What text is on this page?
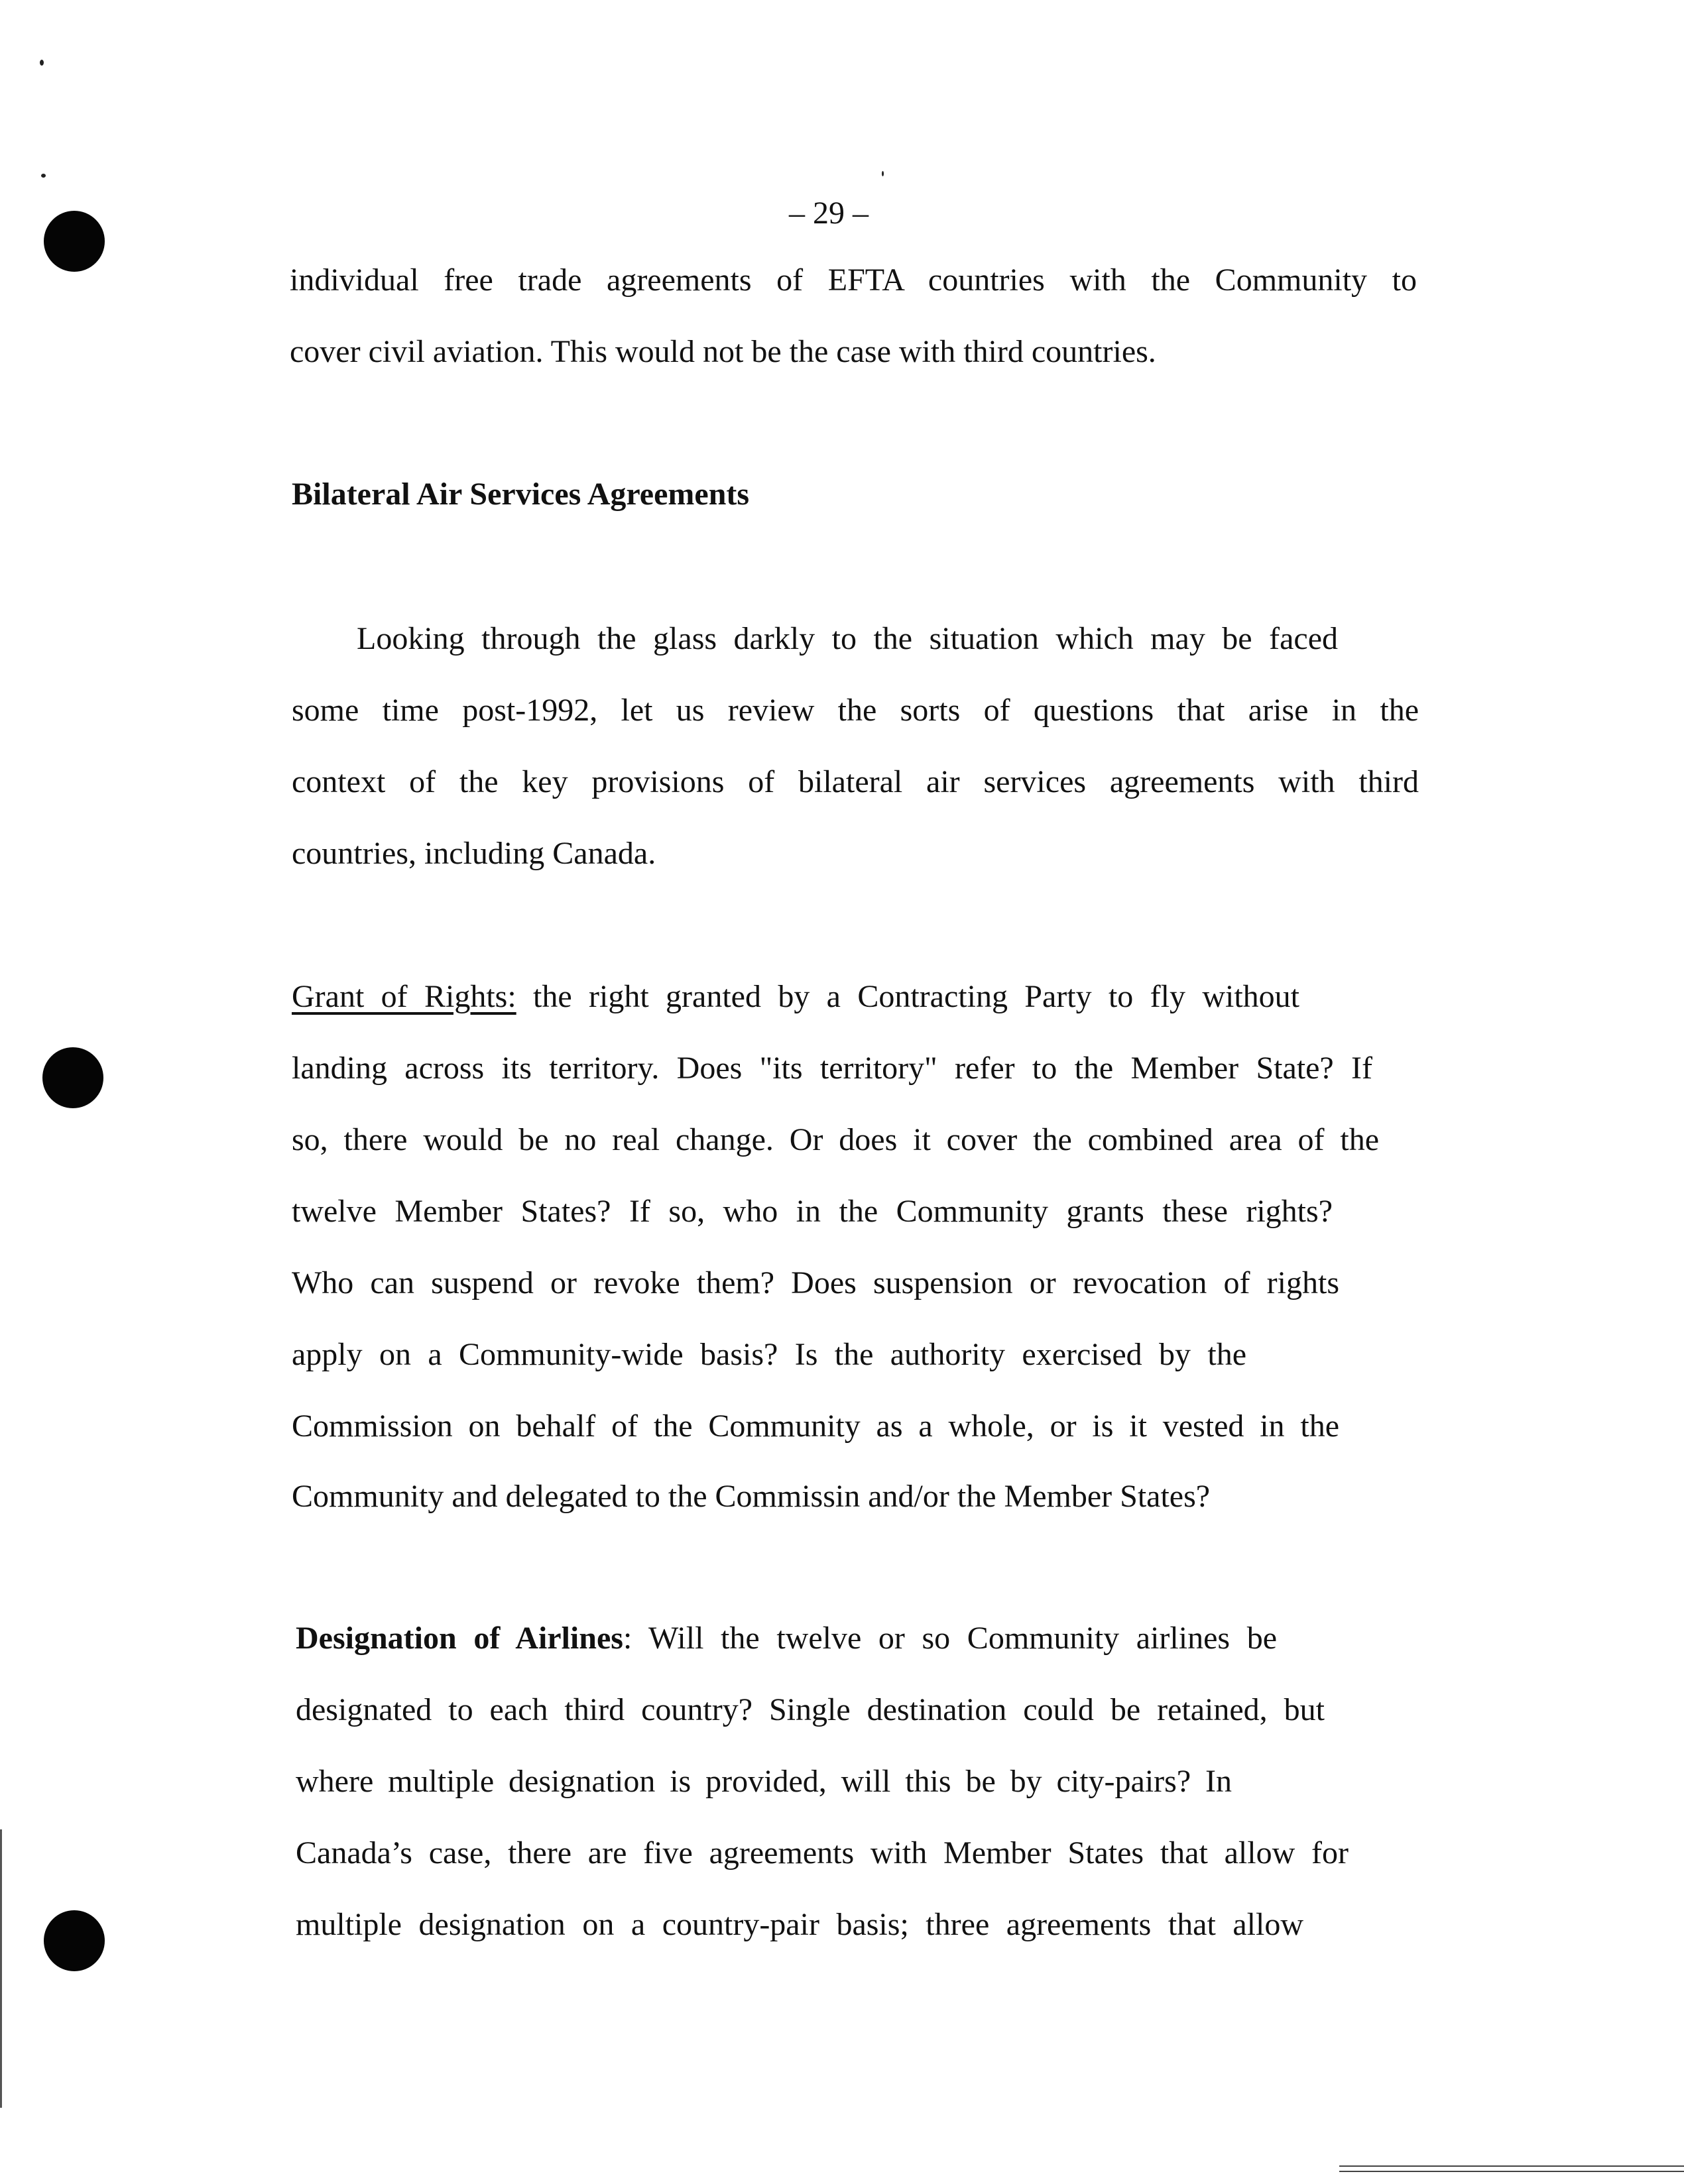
– 29 –
individual free trade agreements of EFTA countries with the Community to
cover civil aviation. This would not be the case with third countries.
Bilateral Air Services Agreements
Looking through the glass darkly to the situation which may be faced
some time post-1992, let us review the sorts of questions that arise in the
context of the key provisions of bilateral air services agreements with third
countries, including Canada.
Grant of Rights: the right granted by a Contracting Party to fly without
landing across its territory. Does "its territory" refer to the Member State? If
so, there would be no real change. Or does it cover the combined area of the
twelve Member States? If so, who in the Community grants these rights?
Who can suspend or revoke them? Does suspension or revocation of rights
apply on a Community-wide basis? Is the authority exercised by the
Commission on behalf of the Community as a whole, or is it vested in the
Community and delegated to the Commissin and/or the Member States?
Designation of Airlines: Will the twelve or so Community airlines be
designated to each third country? Single destination could be retained, but
where multiple designation is provided, will this be by city-pairs? In
Canada’s case, there are five agreements with Member States that allow for
multiple designation on a country-pair basis; three agreements that allow
